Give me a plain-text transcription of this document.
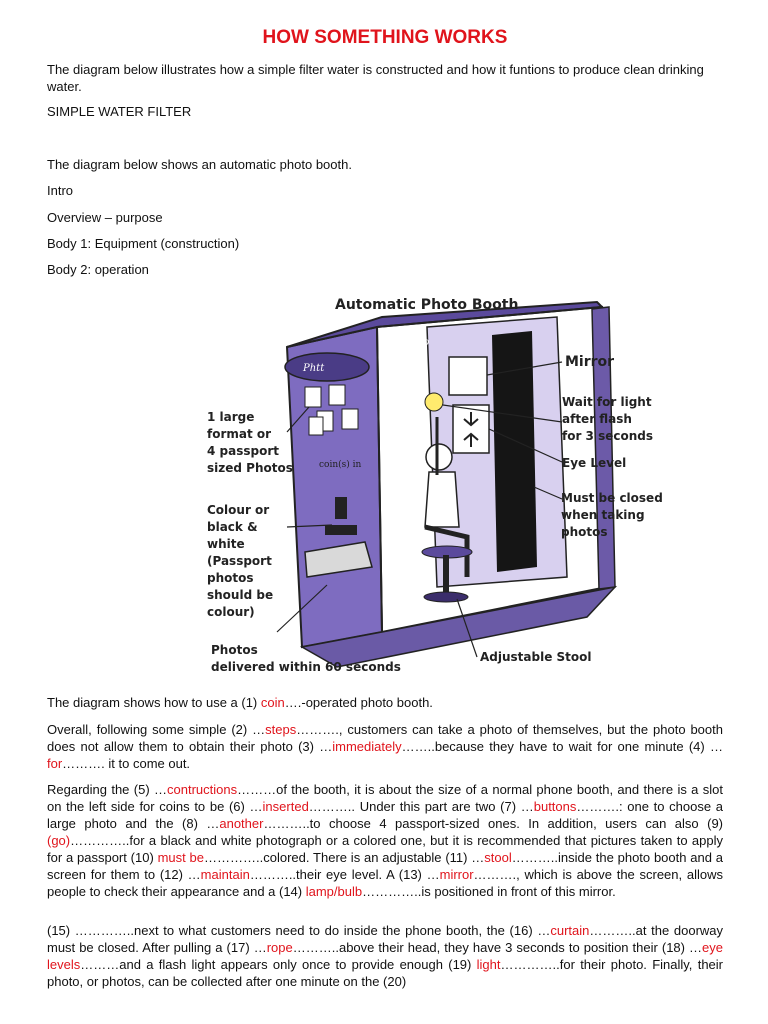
HOW SOMETHING WORKS
The diagram below illustrates how a simple filter water is constructed and how it funtions to produce clean drinking water.
SIMPLE WATER FILTER
The diagram below shows an automatic photo booth.
Intro
Overview – purpose
Body 1: Equipment (construction)
Body 2: operation
coin(s) in
Phtt
Pdl-Pro
Automatic Photo Booth
1 large
format or
4 passport
sized Photos
Colour or
black &
white
(Passport
photos
should be
colour)
Photos
delivered within 60 seconds
Mirror
Wait for light
after flash
for 3 seconds
Eye Level
Must be closed
when taking
photos
Adjustable Stool
The diagram shows how to use a (1) coin….-operated photo booth.
Overall, following some simple (2) …steps………., customers can take a photo of themselves, but the photo booth does not allow them to obtain their photo (3) …immediately……..because they have to wait for one minute (4) …for………. it to come out.
Regarding the (5) …contructions………of the booth, it is about the size of a normal phone booth, and there is a slot on the left side for coins to be (6) …inserted……….. Under this part are two (7) …buttons……….: one to choose a large photo and the (8) …another………..to choose 4 passport-sized ones. In addition, users can also (9) (go)…………..for a black and white photograph or a colored one, but it is recommended that pictures taken to apply for a passport (10) must be…………..colored. There is an adjustable (11) …stool………..inside the photo booth and a screen for them to (12) …maintain………..their eye level. A (13) …mirror………., which is above the screen, allows people to check their appearance and a (14) lamp/bulb…………..is positioned in front of this mirror.
(15) …………..next to what customers need to do inside the phone booth, the (16) …curtain………..at the doorway must be closed. After pulling a (17) …rope………..above their head, they have 3 seconds to position their (18) …eye levels………and a flash light appears only once to provide enough (19) light…………..for their photo. Finally, their photo, or photos, can be collected after one minute on the (20)
